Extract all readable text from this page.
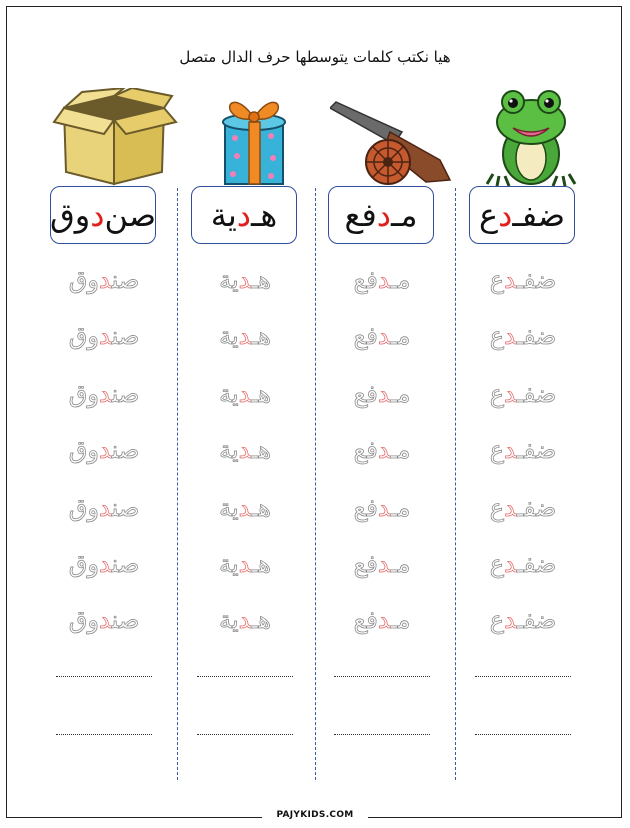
هيا نكتب كلمات يتوسطها حرف الدال متصل
صن
د
وق
صندوق
صندوق
صندوق
صندوق
صندوق
صندوق
صندوق
هـ
د
ية
هـدية
هـدية
هـدية
هـدية
هـدية
هـدية
هـدية
مـ
د
فع
مـدفع
مـدفع
مـدفع
مـدفع
مـدفع
مـدفع
مـدفع
ضفـ
د
ع
ضفـدع
ضفـدع
ضفـدع
ضفـدع
ضفـدع
ضفـدع
ضفـدع
PAJYKIDS.COM
